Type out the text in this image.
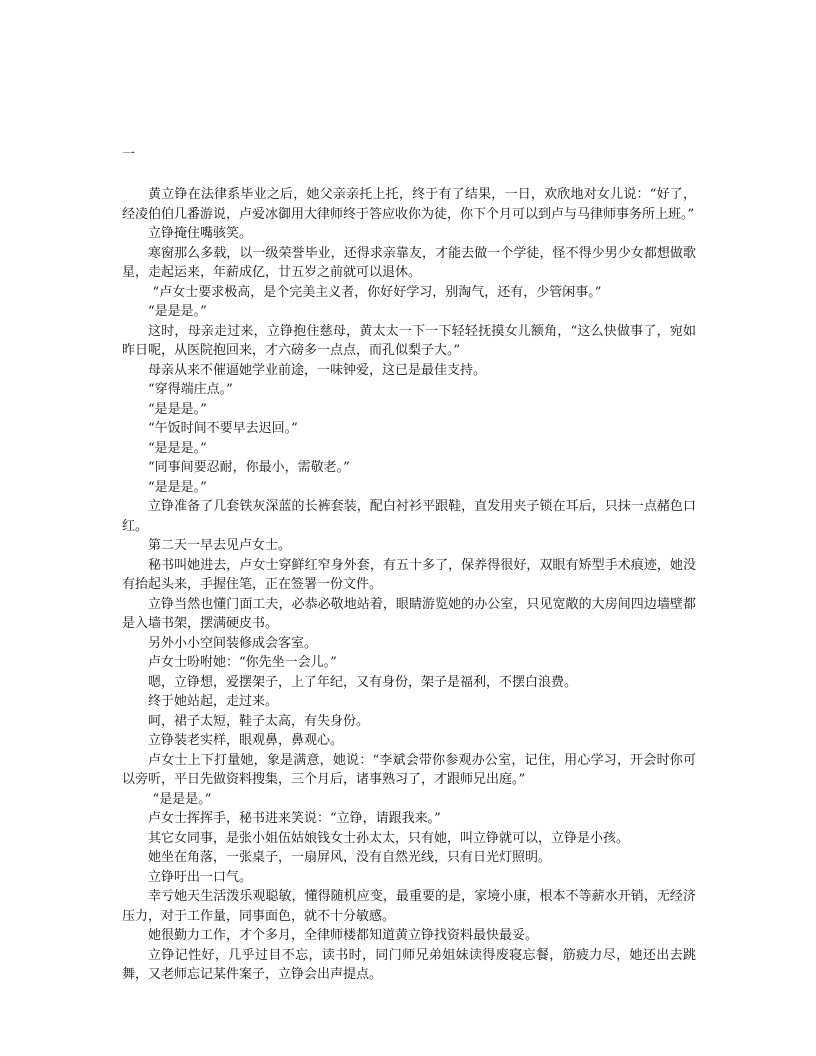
一

黄立铮在法律系毕业之后，她父亲亲托上托，终于有了结果，一日，欢欣地对女儿说：“好了，经凌伯伯几番游说，卢爱冰御用大律师终于答应收你为徒，你下个月可以到卢与马律师事务所上班。”

立铮掩住嘴骇笑。

寒窗那么多载，以一级荣誉毕业，还得求亲靠友，才能去做一个学徒，怪不得少男少女都想做歌星，走起运来，年薪成亿，廿五岁之前就可以退休。

“卢女士要求极高，是个完美主义者，你好好学习，别淘气，还有，少管闲事。”

“是是是。”

这时，母亲走过来，立铮抱住慈母，黄太太一下一下轻轻抚摸女儿额角，“这么快做事了，宛如昨日呢，从医院抱回来，才六磅多一点点，而孔似梨子大。”

母亲从来不催逼她学业前途，一味钟爱，这已是最佳支持。

“穿得端庄点。”

“是是是。”

“午饭时间不要早去迟回。”

“是是是。”

“同事间要忍耐，你最小，需敬老。”

“是是是。”

立铮准备了几套铁灰深蓝的长裤套装，配白衬衫平跟鞋，直发用夹子锁在耳后，只抹一点赭色口红。

第二天一早去见卢女士。

秘书叫她进去，卢女士穿鲜红窄身外套，有五十多了，保养得很好，双眼有矫型手术痕迹，她没有抬起头来，手握住笔，正在签署一份文件。

立铮当然也懂门面工夫，必恭必敬地站着，眼睛游览她的办公室，只见宽敞的大房间四边墙壁都是入墙书架，摆满硬皮书。

另外小小空间装修成会客室。

卢女士吩咐她：“你先坐一会儿。”

嗯，立铮想，爱摆架子，上了年纪，又有身份，架子是福利，不摆白浪费。

终于她站起，走过来。

呵，裙子太短，鞋子太高，有失身份。

立铮装老实样，眼观鼻，鼻观心。

卢女士上下打量她，象是满意，她说：“李斌会带你参观办公室，记住，用心学习，开会时你可以旁听，平日先做资料搜集，三个月后，诸事熟习了，才跟师兄出庭。”

“是是是。”

卢女士挥挥手，秘书进来笑说：“立铮，请跟我来。”

其它女同事，是张小姐伍姑娘钱女士孙太太，只有她，叫立铮就可以，立铮是小孩。

她坐在角落，一张桌子，一扇屏风，没有自然光线，只有日光灯照明。

立铮吁出一口气。

幸亏她天生活泼乐观聪敏，懂得随机应变，最重要的是，家境小康，根本不等薪水开销，无经济压力，对于工作量，同事面色，就不十分敏感。

她很勤力工作，才个多月，全律师楼都知道黄立铮找资料最快最妥。

立铮记性好，几乎过目不忘，读书时，同门师兄弟姐妹读得废寝忘餐，筋疲力尽，她还出去跳舞，又老师忘记某件案子，立铮会出声提点。
